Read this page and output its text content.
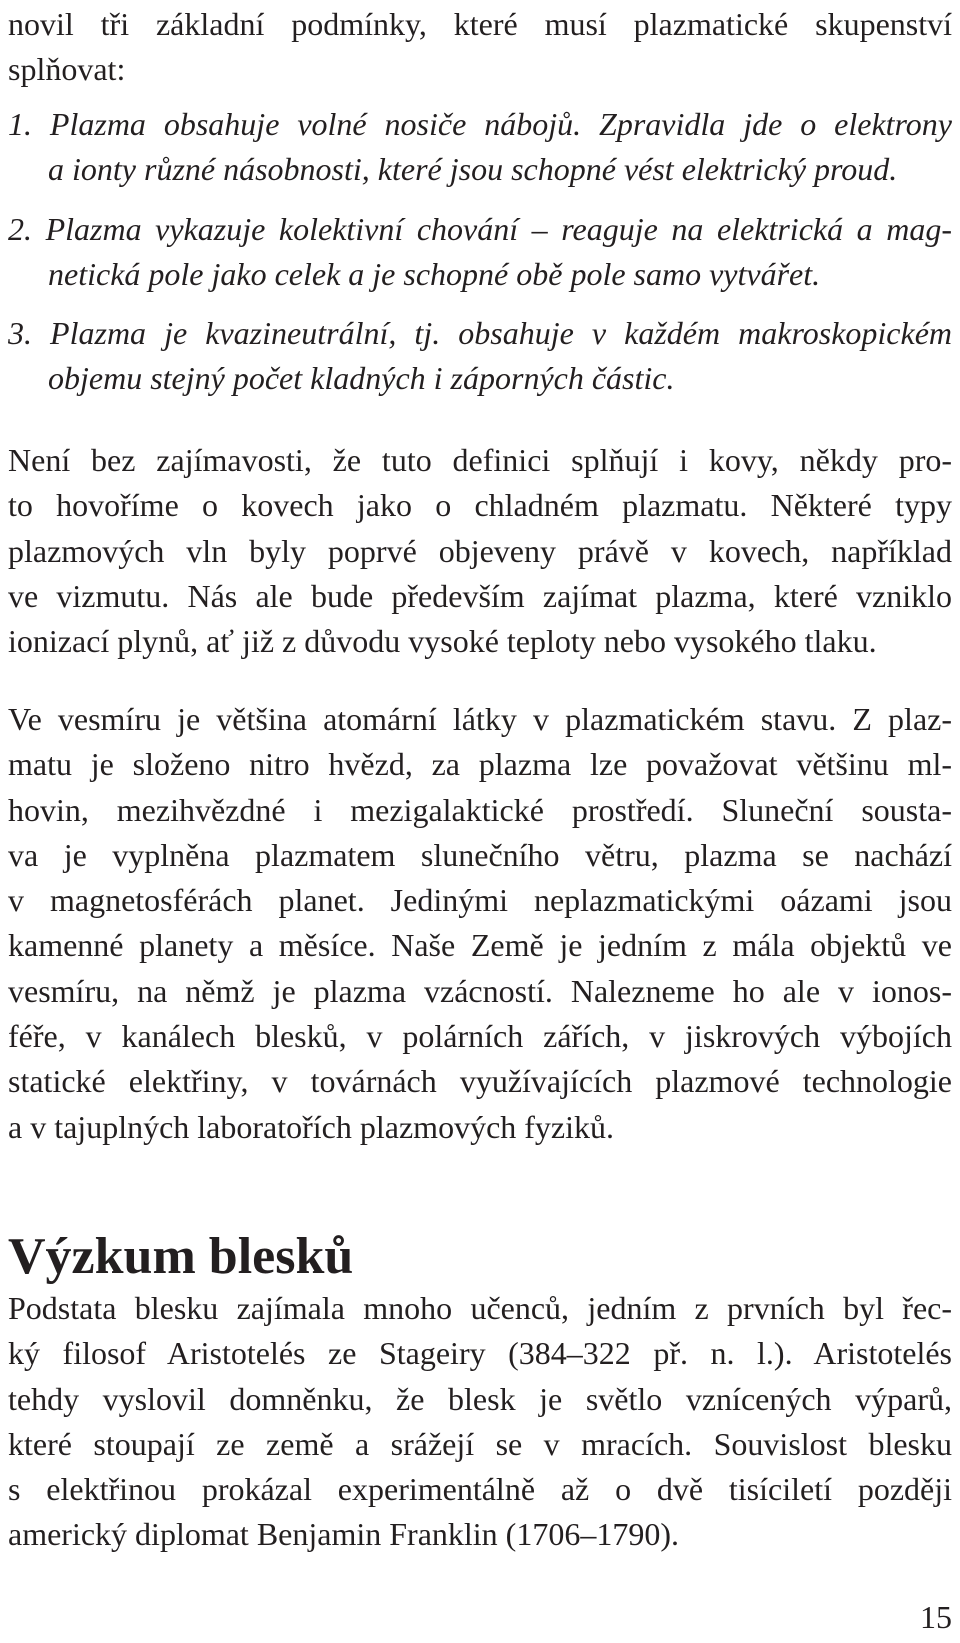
novil tři základní podmínky, které musí plazmatické skupenství
splňovat:
1. Plazma obsahuje volné nosiče nábojů. Zpravidla jde o elektrony
a ionty různé násobnosti, které jsou schopné vést elektrický proud.
2. Plazma vykazuje kolektivní chování – reaguje na elektrická a mag-
netická pole jako celek a je schopné obě pole samo vytvářet.
3. Plazma je kvazineutrální, tj. obsahuje v každém makroskopickém
objemu stejný počet kladných i záporných částic.
Není bez zajímavosti, že tuto definici splňují i kovy, někdy pro-
to hovoříme o kovech jako o chladném plazmatu. Některé typy
plazmových vln byly poprvé objeveny právě v kovech, například
ve vizmutu. Nás ale bude především zajímat plazma, které vzniklo
ionizací plynů, ať již z důvodu vysoké teploty nebo vysokého tlaku.
Ve vesmíru je většina atomární látky v plazmatickém stavu. Z plaz-
matu je složeno nitro hvězd, za plazma lze považovat většinu ml-
hovin, mezihvězdné i mezigalaktické prostředí. Sluneční sousta-
va je vyplněna plazmatem slunečního větru, plazma se nachází
v magnetosférách planet. Jedinými neplazmatickými oázami jsou
kamenné planety a měsíce. Naše Země je jedním z mála objektů ve
vesmíru, na němž je plazma vzácností. Nalezneme ho ale v ionos-
féře, v kanálech blesků, v polárních zářích, v jiskrových výbojích
statické elektřiny, v továrnách využívajících plazmové technologie
a v tajuplných laboratořích plazmových fyziků.
Výzkum blesků
Podstata blesku zajímala mnoho učenců, jedním z prvních byl řec-
ký filosof Aristotelés ze Stageiry (384–322 př. n. l.). Aristotelés
tehdy vyslovil domněnku, že blesk je světlo vznícených výparů,
které stoupají ze země a srážejí se v mracích. Souvislost blesku
s elektřinou prokázal experimentálně až o dvě tisíciletí později
americký diplomat Benjamin Franklin (1706–1790).
15
